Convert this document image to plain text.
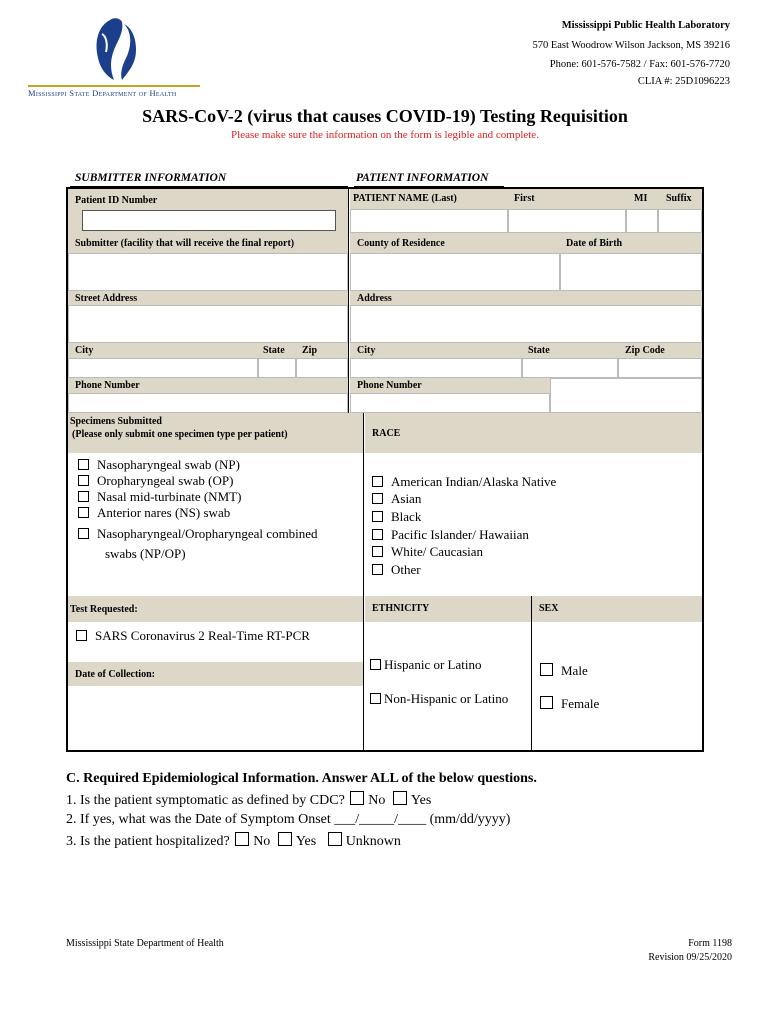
Mississippi State Department of Health
Mississippi Public Health Laboratory
570 East Woodrow Wilson Jackson, MS 39216
Phone: 601-576-7582 / Fax: 601-576-7720
CLIA #: 25D1096223
SARS-CoV-2 (virus that causes COVID-19) Testing Requisition
Please make sure the information on the form is legible and complete.
SUBMITTER INFORMATION	PATIENT INFORMATION
Patient ID Number
Submitter (facility that will receive the final report)
Street Address
City	State	Zip
Phone Number
PATIENT NAME (Last)	First	MI	Suffix
County of Residence	Date of Birth
Address
City	State	Zip Code
Phone Number
Specimens Submitted
(Please only submit one specimen type per patient)
Nasopharyngeal swab (NP)
Oropharyngeal swab (OP)
Nasal mid-turbinate (NMT)
Anterior nares (NS) swab
Nasopharyngeal/Oropharyngeal combined
swabs (NP/OP)
RACE
American Indian/Alaska Native
Asian
Black
Pacific Islander/ Hawaiian
White/ Caucasian
Other
Test Requested:
SARS Coronavirus 2 Real-Time RT-PCR
Date of Collection:
ETHNICITY	SEX
Hispanic or Latino
Non-Hispanic or Latino
Male
Female
C. Required Epidemiological Information. Answer ALL of the below questions.
1. Is the patient symptomatic as defined by CDC? No Yes
2. If yes, what was the Date of Symptom Onset ___/_____/____ (mm/dd/yyyy)
3. Is the patient hospitalized? No Yes Unknown
Mississippi State Department of Health	Form 1198
Revision 09/25/2020
